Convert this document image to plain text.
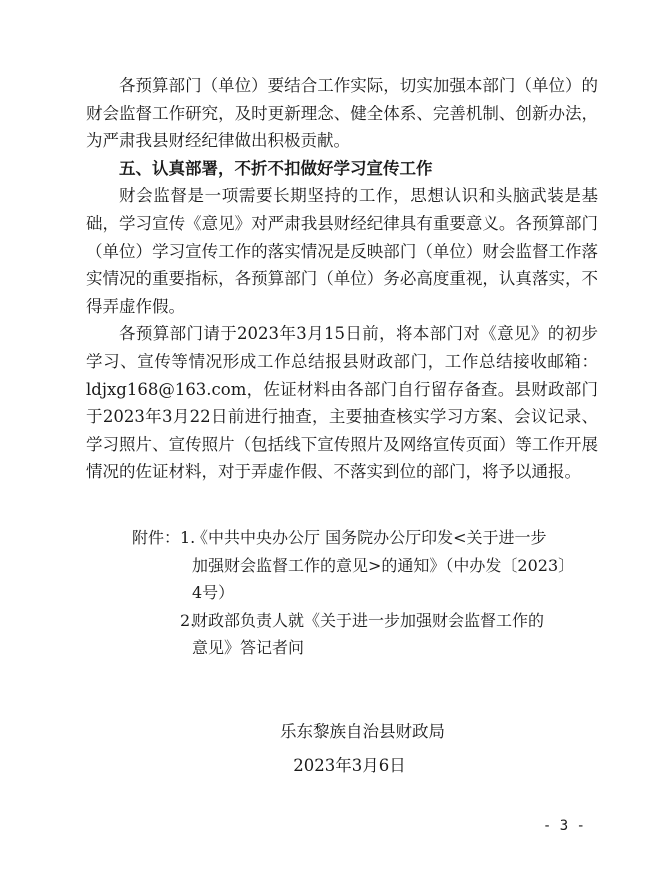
各预算部门（单位）要结合工作实际，切实加强本部门（单位）的财会监督工作研究，及时更新理念、健全体系、完善机制、创新办法，为严肃我县财经纪律做出积极贡献。

五、认真部署，不折不扣做好学习宣传工作

财会监督是一项需要长期坚持的工作，思想认识和头脑武装是基础，学习宣传《意见》对严肃我县财经纪律具有重要意义。各预算部门（单位）学习宣传工作的落实情况是反映部门（单位）财会监督工作落实情况的重要指标，各预算部门（单位）务必高度重视，认真落实，不得弄虚作假。

各预算部门请于2023年3月15日前，将本部门对《意见》的初步学习、宣传等情况形成工作总结报县财政部门，工作总结接收邮箱：ldjxg168@163.com，佐证材料由各部门自行留存备查。县财政部门于2023年3月22日前进行抽查，主要抽查核实学习方案、会议记录、学习照片、宣传照片（包括线下宣传照片及网络宣传页面）等工作开展情况的佐证材料，对于弄虚作假、不落实到位的部门，将予以通报。

附件： 1.
《中共中央办公厅 国务院办公厅印发<关于进一步
加强财会监督工作的意见>的通知》（中办发〔2023〕
4号）
2.
财政部负责人就《关于进一步加强财会监督工作的
意见》答记者问
乐东黎族自治县财政局
2023年3月6日
- 3 -
